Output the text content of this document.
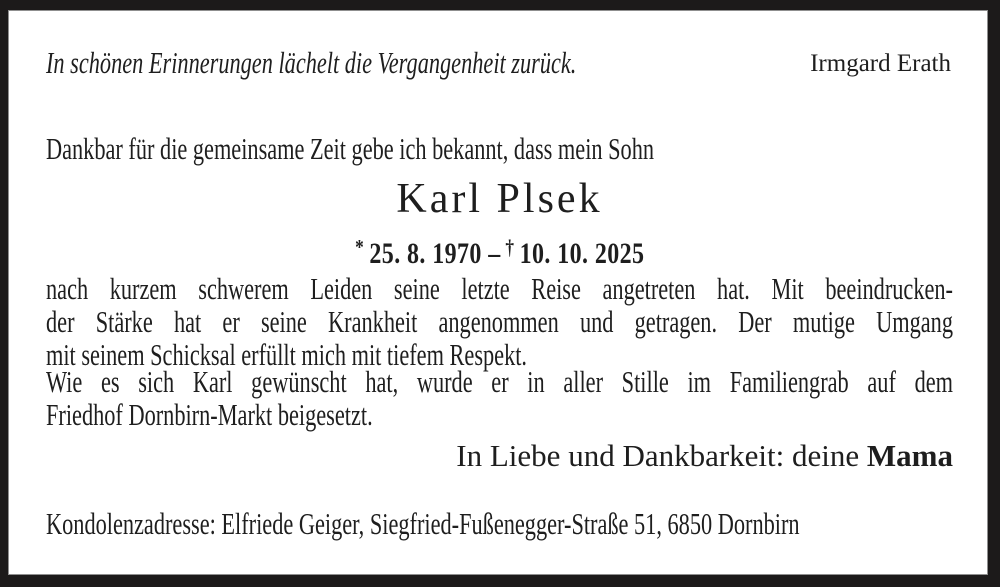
In schönen Erinnerungen lächelt die Vergangenheit zurück.	Irmgard Erath
Dankbar für die gemeinsame Zeit gebe ich bekannt, dass mein Sohn
Karl Plsek
* 25. 8. 1970 – † 10. 10. 2025
nach kurzem schwerem Leiden seine letzte Reise angetreten hat. Mit beeindrucken-
der Stärke hat er seine Krankheit angenommen und getragen. Der mutige Umgang
mit seinem Schicksal erfüllt mich mit tiefem Respekt.
Wie es sich Karl gewünscht hat, wurde er in aller Stille im Familiengrab auf dem
Friedhof Dornbirn-Markt beigesetzt.
In Liebe und Dankbarkeit: deine Mama
Kondolenzadresse: Elfriede Geiger, Siegfried-Fußenegger-Straße 51, 6850 Dornbirn
